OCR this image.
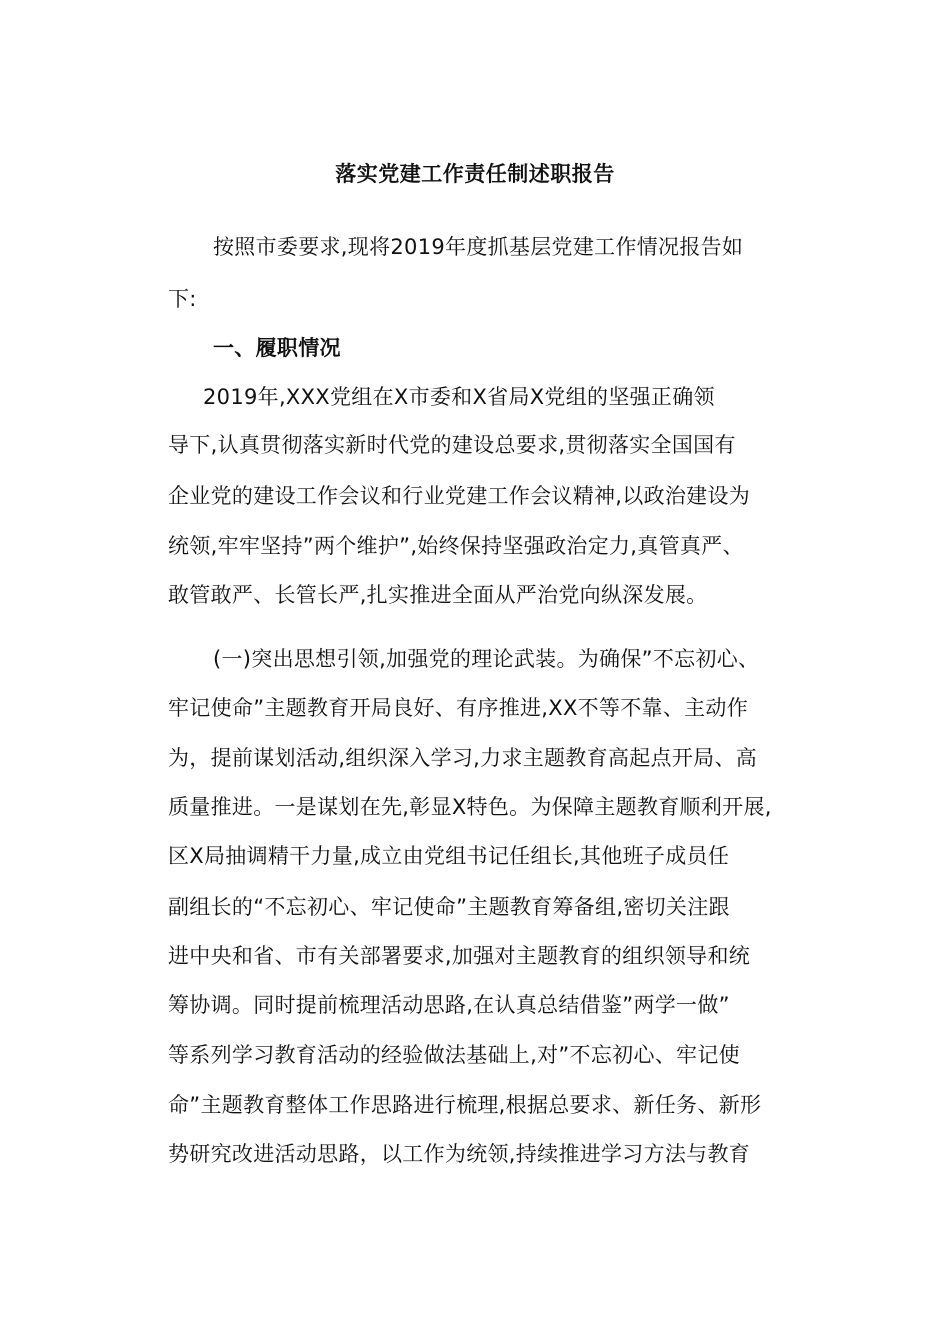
落实党建工作责任制述职报告
按照市委要求,现将2019年度抓基层党建工作情况报告如
下:
一、履职情况
2019年,XXX党组在X市委和X省局X党组的坚强正确领
导下,认真贯彻落实新时代党的建设总要求,贯彻落实全国国有
企业党的建设工作会议和行业党建工作会议精神,以政治建设为
统领,牢牢坚持”两个维护”,始终保持坚强政治定力,真管真严、
敢管敢严、长管长严,扎实推进全面从严治党向纵深发展。
(一)突出思想引领,加强党的理论武装。为确保”不忘初心、
牢记使命”主题教育开局良好、有序推进,XX不等不靠、主动作
为，提前谋划活动,组织深入学习,力求主题教育高起点开局、高
质量推进。一是谋划在先,彰显X特色。为保障主题教育顺利开展,
区X局抽调精干力量,成立由党组书记任组长,其他班子成员任
副组长的“不忘初心、牢记使命”主题教育筹备组,密切关注跟
进中央和省、市有关部署要求,加强对主题教育的组织领导和统
筹协调。同时提前梳理活动思路,在认真总结借鉴”两学一做”
等系列学习教育活动的经验做法基础上,对”不忘初心、牢记使
命”主题教育整体工作思路进行梳理,根据总要求、新任务、新形
势研究改进活动思路，以工作为统领,持续推进学习方法与教育
